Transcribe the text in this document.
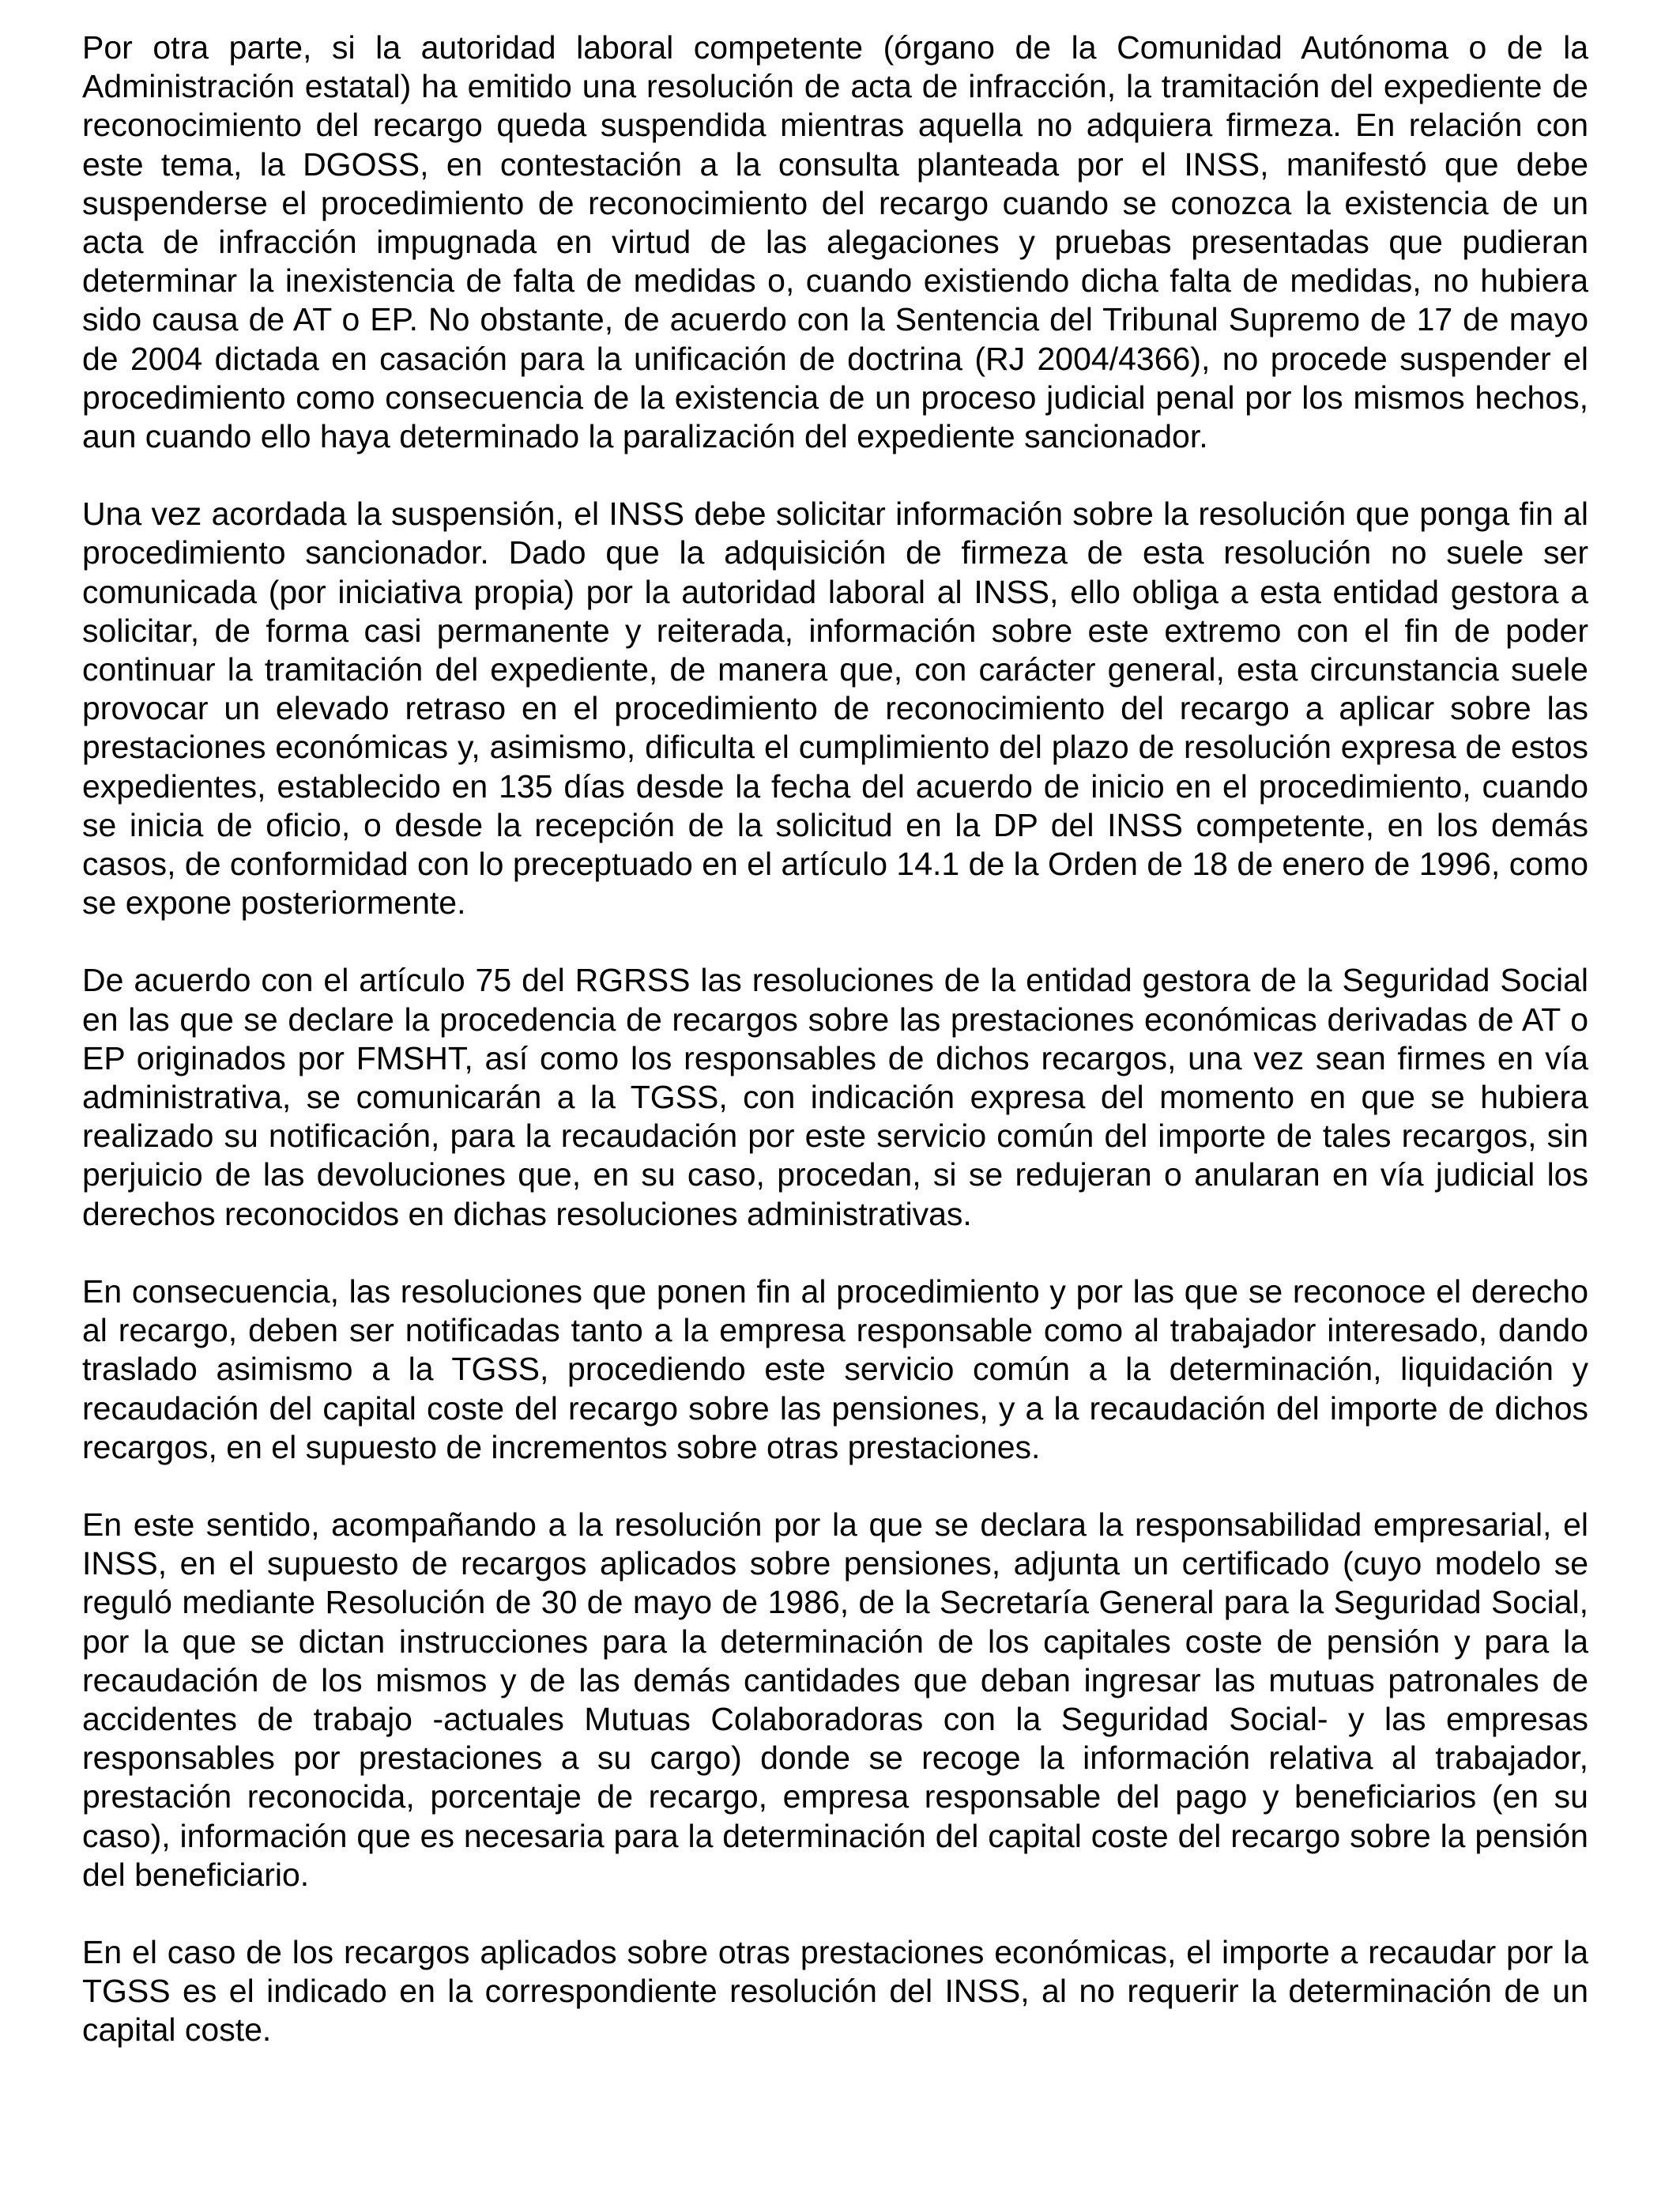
Por otra parte, si la autoridad laboral competente (órgano de la Comunidad Autónoma o de la Administración estatal) ha emitido una resolución de acta de infracción, la tramitación del expediente de reconocimiento del recargo queda suspendida mientras aquella no adquiera firmeza. En relación con este tema, la DGOSS, en contestación a la consulta planteada por el INSS, manifestó que debe suspenderse el procedimiento de reconocimiento del recargo cuando se conozca la existencia de un acta de infracción impugnada en virtud de las alegaciones y pruebas presentadas que pudieran determinar la inexistencia de falta de medidas o, cuando existiendo dicha falta de medidas, no hubiera sido causa de AT o EP. No obstante, de acuerdo con la Sentencia del Tribunal Supremo de 17 de mayo de 2004 dictada en casación para la unificación de doctrina (RJ 2004/4366), no procede suspender el procedimiento como consecuencia de la existencia de un proceso judicial penal por los mismos hechos, aun cuando ello haya determinado la paralización del expediente sancionador.

Una vez acordada la suspensión, el INSS debe solicitar información sobre la resolución que ponga fin al procedimiento sancionador. Dado que la adquisición de firmeza de esta resolución no suele ser comunicada (por iniciativa propia) por la autoridad laboral al INSS, ello obliga a esta entidad gestora a solicitar, de forma casi permanente y reiterada, información sobre este extremo con el fin de poder continuar la tramitación del expediente, de manera que, con carácter general, esta circunstancia suele provocar un elevado retraso en el procedimiento de reconocimiento del recargo a aplicar sobre las prestaciones económicas y, asimismo, dificulta el cumplimiento del plazo de resolución expresa de estos expedientes, establecido en 135 días desde la fecha del acuerdo de inicio en el procedimiento, cuando se inicia de oficio, o desde la recepción de la solicitud en la DP del INSS competente, en los demás casos, de conformidad con lo preceptuado en el artículo 14.1 de la Orden de 18 de enero de 1996, como se expone posteriormente.

De acuerdo con el artículo 75 del RGRSS las resoluciones de la entidad gestora de la Seguridad Social en las que se declare la procedencia de recargos sobre las prestaciones económicas derivadas de AT o EP originados por FMSHT, así como los responsables de dichos recargos, una vez sean firmes en vía administrativa, se comunicarán a la TGSS, con indicación expresa del momento en que se hubiera realizado su notificación, para la recaudación por este servicio común del importe de tales recargos, sin perjuicio de las devoluciones que, en su caso, procedan, si se redujeran o anularan en vía judicial los derechos reconocidos en dichas resoluciones administrativas.

En consecuencia, las resoluciones que ponen fin al procedimiento y por las que se reconoce el derecho al recargo, deben ser notificadas tanto a la empresa responsable como al trabajador interesado, dando traslado asimismo a la TGSS, procediendo este servicio común a la determinación, liquidación y recaudación del capital coste del recargo sobre las pensiones, y a la recaudación del importe de dichos recargos, en el supuesto de incrementos sobre otras prestaciones.

En este sentido, acompañando a la resolución por la que se declara la responsabilidad empresarial, el INSS, en el supuesto de recargos aplicados sobre pensiones, adjunta un certificado (cuyo modelo se reguló mediante Resolución de 30 de mayo de 1986, de la Secretaría General para la Seguridad Social, por la que se dictan instrucciones para la determinación de los capitales coste de pensión y para la recaudación de los mismos y de las demás cantidades que deban ingresar las mutuas patronales de accidentes de trabajo -actuales Mutuas Colaboradoras con la Seguridad Social- y las empresas responsables por prestaciones a su cargo) donde se recoge la información relativa al trabajador, prestación reconocida, porcentaje de recargo, empresa responsable del pago y beneficiarios (en su caso), información que es necesaria para la determinación del capital coste del recargo sobre la pensión del beneficiario.

En el caso de los recargos aplicados sobre otras prestaciones económicas, el importe a recaudar por la TGSS es el indicado en la correspondiente resolución del INSS, al no requerir la determinación de un capital coste.
